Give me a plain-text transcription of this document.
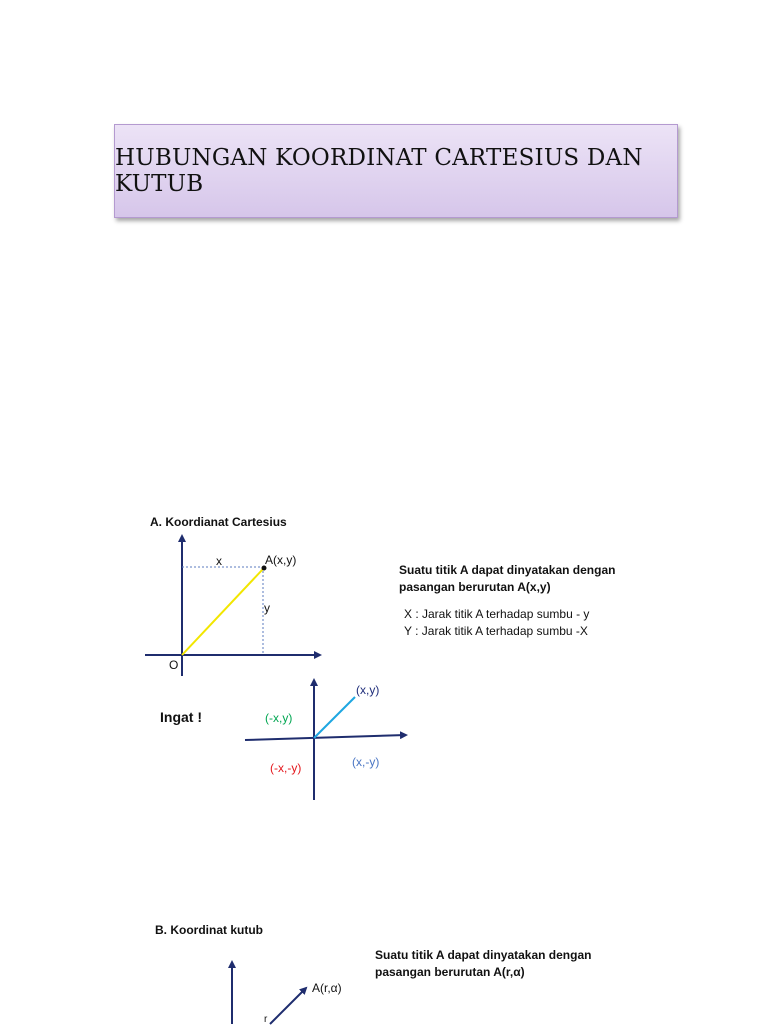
HUBUNGAN KOORDINAT CARTESIUS DAN KUTUB
A. Koordianat Cartesius
x	A(x,y)
y
O
Suatu titik A dapat dinyatakan dengan
pasangan berurutan A(x,y)
X : Jarak titik A terhadap sumbu - y
Y : Jarak titik A terhadap sumbu -X
Ingat !
(x,y)
(-x,y)
(-x,-y)	(x,-y)
B. Koordinat kutub
Suatu titik A dapat dinyatakan dengan
pasangan berurutan A(r,α)
A(r,α)
r
